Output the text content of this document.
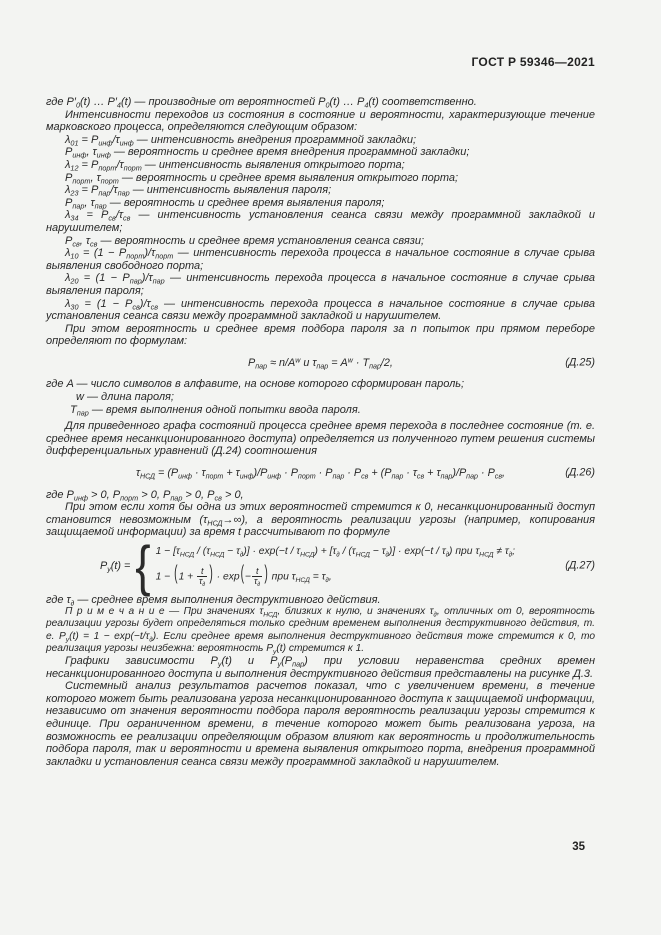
ГОСТ Р 59346—2021

где $P'_0(t)$ … $P'_4(t)$ — производные от вероятностей $P_0(t)$ … $P_4(t)$ соответственно.

Интенсивности переходов из состояния в состояние и вероятности, характеризующие течение марковского процесса, определяются следующим образом:

$\lambda_{01} = P_{инф}/\tau_{инф}$ — интенсивность внедрения программной закладки;

$P_{инф}$, $\tau_{инф}$ — вероятность и среднее время внедрения программной закладки;

$\lambda_{12} = P_{порт}/\tau_{порт}$ — интенсивность выявления открытого порта;

$P_{порт}$, $\tau_{порт}$ — вероятность и среднее время выявления открытого порта;

$\lambda_{23} = P_{пар}/\tau_{пар}$ — интенсивность выявления пароля;

$P_{пар}$, $\tau_{пар}$ — вероятность и среднее время выявления пароля;

$\lambda_{34} = P_{св}/\tau_{св}$ — интенсивность установления сеанса связи между программной закладкой и нарушителем;

$P_{св}$, $\tau_{св}$ — вероятность и среднее время установления сеанса связи;

$\lambda_{10} = (1 - P_{порт})/\tau_{порт}$ — интенсивность перехода процесса в начальное состояние в случае срыва выявления свободного порта;

$\lambda_{20} = (1 - P_{пар})/\tau_{пар}$ — интенсивность перехода процесса в начальное состояние в случае срыва выявления пароля;

$\lambda_{30} = (1 - P_{св})/\tau_{св}$ — интенсивность перехода процесса в начальное состояние в случае срыва установления сеанса связи между программной закладкой и нарушителем.

При этом вероятность и среднее время подбора пароля за n попыток при прямом переборе определяют по формулам:

$P_{пар} \approx n/A^w$ и $\tau_{пар} = A^w \cdot T_{пар}/2$,	(Д.25)

где A — число символов в алфавите, на основе которого сформирован пароль;

w — длина пароля;

$T_{пар}$ — время выполнения одной попытки ввода пароля.

Для приведенного графа состояний процесса среднее время перехода в последнее состояние (т. е. среднее время несанкционированного доступа) определяется из полученного путем решения системы дифференциальных уравнений (Д.24) соотношения

$\tau_{НСД} = (P_{инф} \cdot \tau_{порт} + \tau_{инф})/P_{инф} \cdot P_{порт} \cdot P_{пар} \cdot P_{св} + (P_{пар} \cdot \tau_{св} + \tau_{пар})/P_{пар} \cdot P_{св}$,	(Д.26)

где $P_{инф} > 0$, $P_{порт} > 0$, $P_{пар} > 0$, $P_{св} > 0$,

При этом если хотя бы одна из этих вероятностей стремится к 0, несанкционированный доступ становится невозможным $(\tau_{НСД}\to\infty)$, а вероятность реализации угрозы (например, копирования защищаемой информации) за время t рассчитывают по формуле

$P_у(t)$ = { $1 - [\tau_{НСД} / (\tau_{НСД} - \tau_\partial)] \cdot \exp(-t / \tau_{НСД}) + [\tau_\partial / (\tau_{НСД} - \tau_\partial)] \cdot \exp(-t / \tau_\partial)$ при $\tau_{НСД} \ne \tau_\partial$;
$1 - (1 + \frac{t}{\tau_\partial}$ ) · $\exp(- \frac{t}{\tau_\partial}$ ) при $\tau_{НСД} = \tau_\partial$,
(Д.27)

где $\tau_\partial$ — среднее время выполнения деструктивного действия.

П р и м е ч а н и е — При значениях $\tau_{НСД}$, близких к нулю, и значениях $\tau_\partial$, отличных от 0, вероятность реализации угрозы будет определяться только средним временем выполнения деструктивного действия, т. е. $P_у(t) = 1 - \exp(-t/\tau_\partial)$. Если среднее время выполнения деструктивного действия тоже стремится к 0, то реализация угрозы неизбежна: вероятность $P_у(t)$ стремится к 1.

Графики зависимости $P_у(t)$ и $P_у(P_{пар})$ при условии неравенства средних времен несанкционированного доступа и выполнения деструктивного действия представлены на рисунке Д.3.

Системный анализ результатов расчетов показал, что с увеличением времени, в течение которого может быть реализована угроза несанкционированного доступа к защищаемой информации, независимо от значения вероятности подбора пароля вероятность реализации угрозы стремится к единице. При ограниченном времени, в течение которого может быть реализована угроза, на возможность ее реализации определяющим образом влияют как вероятность и продолжительность подбора пароля, так и вероятности и времена выявления открытого порта, внедрения программной закладки и установления сеанса связи между программной закладкой и нарушителем.

35
